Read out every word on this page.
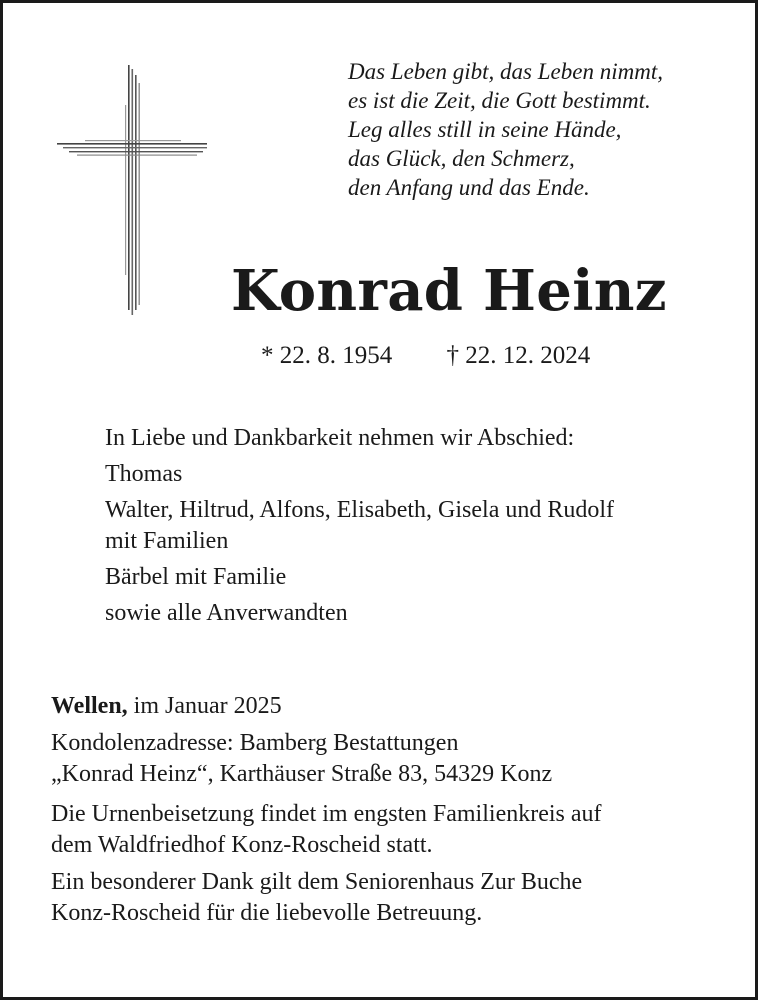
Das Leben gibt, das Leben nimmt,
es ist die Zeit, die Gott bestimmt.
Leg alles still in seine Hände,
das Glück, den Schmerz,
den Anfang und das Ende.
Konrad Heinz
* 22. 8. 1954 † 22. 12. 2024
In Liebe und Dankbarkeit nehmen wir Abschied:
Thomas
Walter, Hiltrud, Alfons, Elisabeth, Gisela und Rudolf
mit Familien
Bärbel mit Familie
sowie alle Anverwandten
Wellen, im Januar 2025
Kondolenzadresse: Bamberg Bestattungen
„Konrad Heinz“, Karthäuser Straße 83, 54329 Konz
Die Urnenbeisetzung findet im engsten Familienkreis auf
dem Waldfriedhof Konz-Roscheid statt.
Ein besonderer Dank gilt dem Seniorenhaus Zur Buche
Konz-Roscheid für die liebevolle Betreuung.
